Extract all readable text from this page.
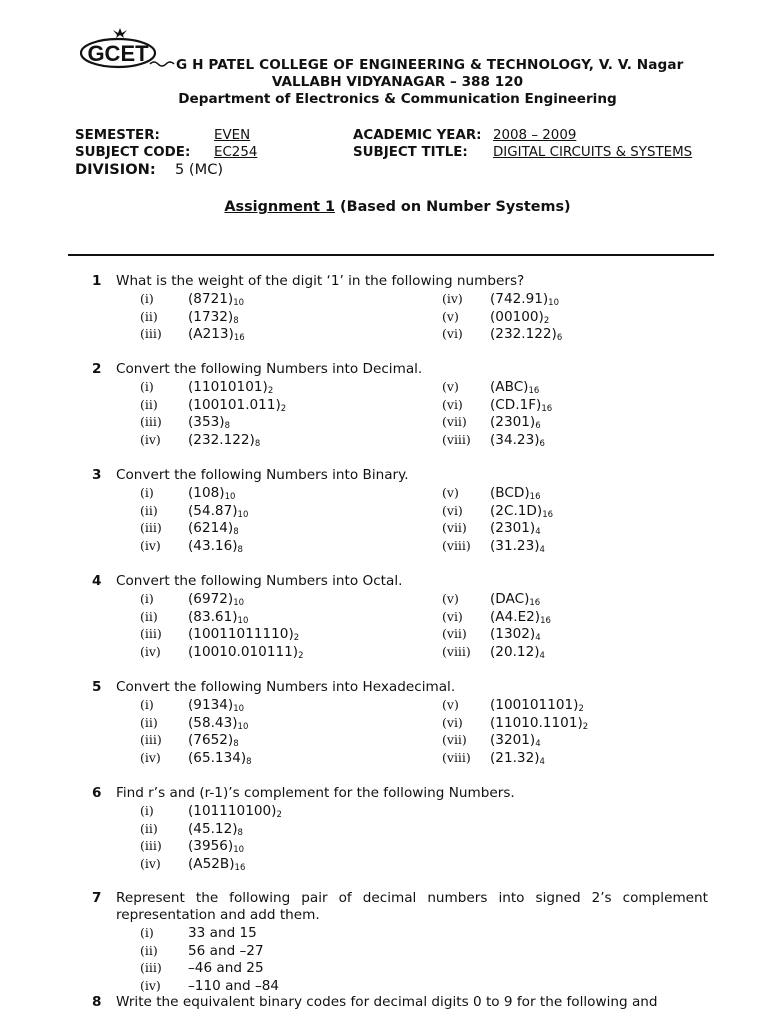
GCET G H PATEL COLLEGE OF ENGINEERING & TECHNOLOGY, V. V. Nagar
VALLABH VIDYANAGAR – 388 120
Department of Electronics & Communication Engineering
SEMESTER:	EVEN	ACADEMIC YEAR: 2008 – 2009
SUBJECT CODE: EC254	SUBJECT TITLE: DIGITAL CIRCUITS & SYSTEMS
DIVISION: 5 (MC)
Assignment 1 (Based on Number Systems)
1 What is the weight of the digit ‘1’ in the following numbers?
(i)	$(8721)_{10}$
(ii) $(1732)_8$
(iii) $(A213)_{16}$
(iv) $(742.91)_{10}$
(v) $(00100)_2$
(vi) $(232.122)_6$
2 Convert the following Numbers into Decimal.
(i)	$(11010101)_2$
(ii) $(100101.011)_2$
(iii) $(353)_8$
(iv) $(232.122)_8$
(v) $(ABC)_{16}$
(vi) $(CD.1F)_{16}$
(vii) $(2301)_6$
(viii) $(34.23)_6$
3 Convert the following Numbers into Binary.
(i)	$(108)_{10}$
(ii) $(54.87)_{10}$
(iii) $(6214)_8$
(iv) $(43.16)_8$
(v) $(BCD)_{16}$
(vi) $(2C.1D)_{16}$
(vii) $(2301)_4$
(viii) $(31.23)_4$
4 Convert the following Numbers into Octal.
(i)	$(6972)_{10}$
(ii) $(83.61)_{10}$
(iii) $(10011011110)_2$
(iv) $(10010.010111)_2$
(v) $(DAC)_{16}$
(vi) $(A4.E2)_{16}$
(vii) $(1302)_4$
(viii) $(20.12)_4$
5 Convert the following Numbers into Hexadecimal.
(i)	$(9134)_{10}$
(ii) $(58.43)_{10}$
(iii) $(7652)_8$
(iv) $(65.134)_8$
(v) $(100101101)_2$
(vi) $(11010.1101)_2$
(vii) $(3201)_4$
(viii) $(21.32)_4$
6 Find r’s and (r-1)’s complement for the following Numbers.
(i)	$(101110100)_2$
(ii) $(45.12)_8$
(iii) $(3956)_{10}$
(iv) $(A52B)_{16}$
7 Represent the following pair of decimal numbers into signed 2’s complement representation and add them.
(i)	33 and 15
(ii) 56 and –27
(iii) –46 and 25
(iv) –110 and –84
8 Write the equivalent binary codes for decimal digits 0 to 9 for the following and
